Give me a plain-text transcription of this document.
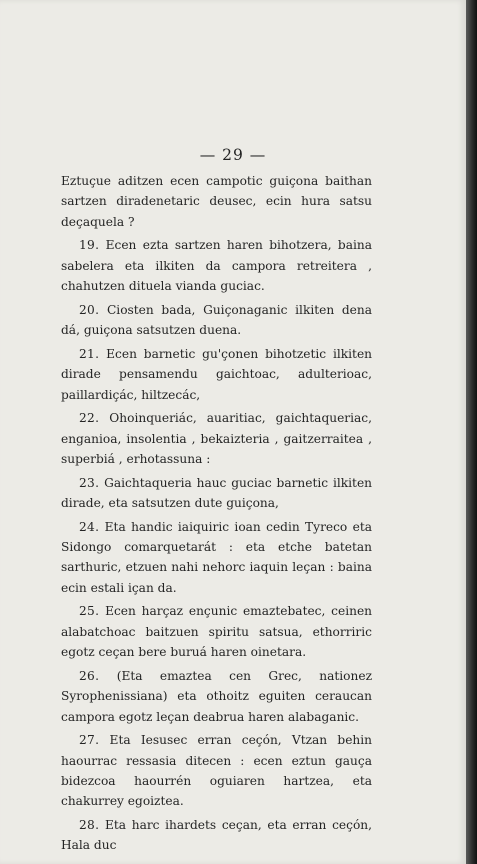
— 29 —

Eztuçue aditzen ecen campotic guiçona baithan sartzen diradenetaric deusec, ecin hura satsu deçaquela ?

19. Ecen ezta sartzen haren bihotzera, baina sabelera eta ilkiten da campora retreitera , chahutzen dituela vianda guciac.

20. Ciosten bada, Guiçonaganic ilkiten dena dá, guiçona satsutzen duena.

21. Ecen barnetic gu'çonen bihotzetic ilkiten dirade pensamendu gaichtoac, adulterioac, paillardiçác, hiltzecác,

22. Ohoinqueriác, auaritiac, gaichtaqueriac, enganioa, insolentia , bekaizteria , gaitzerraitea , superbiá , erhotassuna :

23. Gaichtaqueria hauc guciac barnetic ilkiten dirade, eta satsutzen dute guiçona,

24. Eta handic iaiquiric ioan cedin Tyreco eta Sidongo comarquetarát : eta etche batetan sarthuric, etzuen nahi nehorc iaquin leçan : baina ecin estali içan da.

25. Ecen harçaz ençunic emaztebatec, ceinen alabatchoac baitzuen spiritu satsua, ethorriric egotz ceçan bere buruá haren oinetara.

26. (Eta emaztea cen Grec, nationez Syrophenissiana) eta othoitz eguiten ceraucan campora egotz leçan deabrua haren alabaganic.

27. Eta Iesusec erran ceçón, Vtzan behin haourrac ressasia ditecen : ecen eztun gauça bidezcoa haourrén oguiaren hartzea, eta chakurrey egoiztea.

28. Eta harc ihardets ceçan, eta erran ceçón, Hala duc
